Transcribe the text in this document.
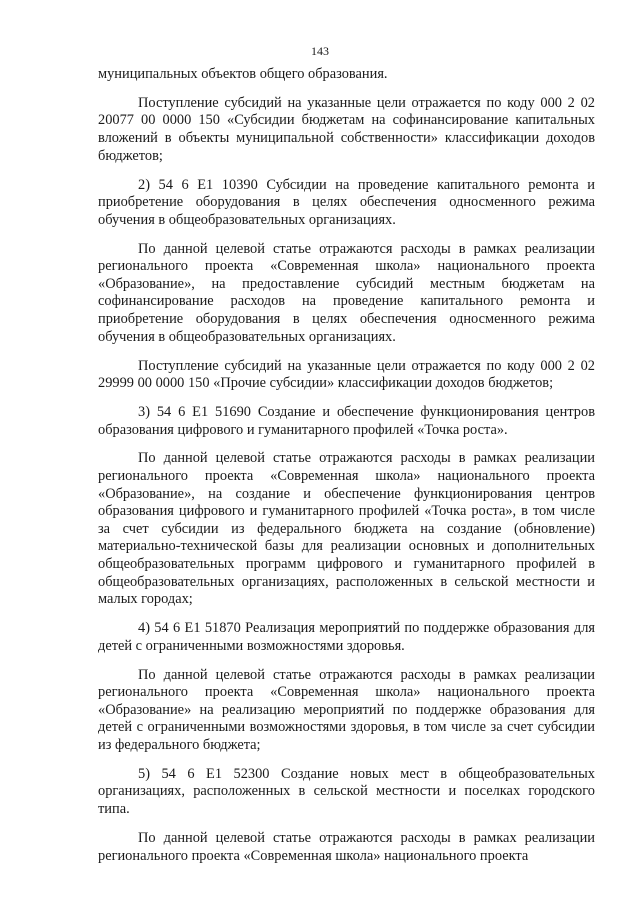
143

муниципальных объектов общего образования.

Поступление субсидий на указанные цели отражается по коду 000 2 02 20077 00 0000 150 «Субсидии бюджетам на софинансирование капитальных вложений в объекты муниципальной собственности» классификации доходов бюджетов;

2) 54 6 E1 10390 Субсидии на проведение капитального ремонта и приобретение оборудования в целях обеспечения односменного режима обучения в общеобразовательных организациях.

По данной целевой статье отражаются расходы в рамках реализации регионального проекта «Современная школа» национального проекта «Образование», на предоставление субсидий местным бюджетам на софинансирование расходов на проведение капитального ремонта и приобретение оборудования в целях обеспечения односменного режима обучения в общеобразовательных организациях.

Поступление субсидий на указанные цели отражается по коду 000 2 02 29999 00 0000 150 «Прочие субсидии» классификации доходов бюджетов;

3) 54 6 E1 51690 Создание и обеспечение функционирования центров образования цифрового и гуманитарного профилей «Точка роста».

По данной целевой статье отражаются расходы в рамках реализации регионального проекта «Современная школа» национального проекта «Образование», на создание и обеспечение функционирования центров образования цифрового и гуманитарного профилей «Точка роста», в том числе за счет субсидии из федерального бюджета на создание (обновление) материально-технической базы для реализации основных и дополнительных общеобразовательных программ цифрового и гуманитарного профилей в общеобразовательных организациях, расположенных в сельской местности и малых городах;

4) 54 6 E1 51870 Реализация мероприятий по поддержке образования для детей с ограниченными возможностями здоровья.

По данной целевой статье отражаются расходы в рамках реализации регионального проекта «Современная школа» национального проекта «Образование» на реализацию мероприятий по поддержке образования для детей с ограниченными возможностями здоровья, в том числе за счет субсидии из федерального бюджета;

5) 54 6 E1 52300 Создание новых мест в общеобразовательных организациях, расположенных в сельской местности и поселках городского типа.

По данной целевой статье отражаются расходы в рамках реализации регионального проекта «Современная школа» национального проекта
